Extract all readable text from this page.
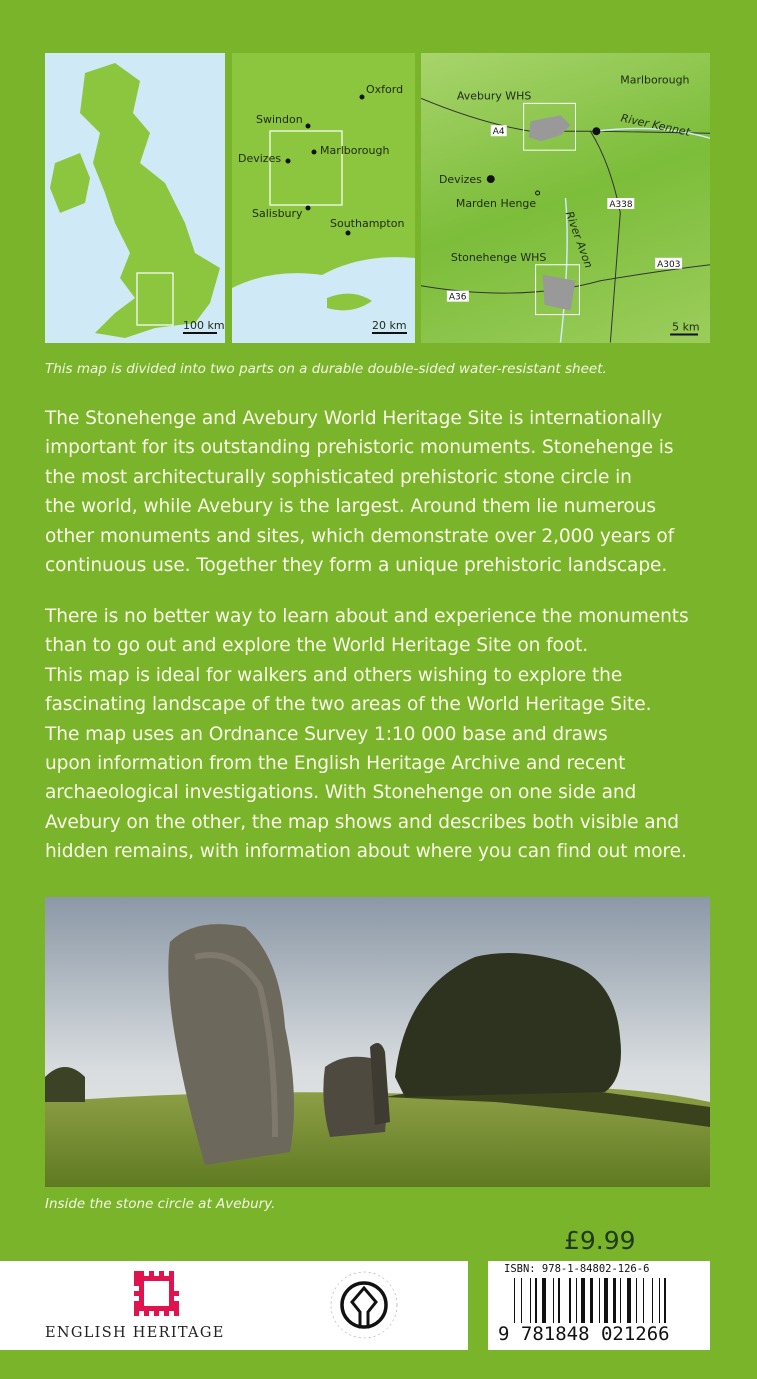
100 km
Oxford
Swindon
Devizes
Marlborough
Salisbury
Southampton
20 km
Marlborough
Avebury WHS
River Kennet
Devizes
Marden Henge
River Avon
Stonehenge WHS
A4
A338
A303
A36
5 km
This map is divided into two parts on a durable double-sided water-resistant sheet.
The Stonehenge and Avebury World Heritage Site is internationally
important for its outstanding prehistoric monuments. Stonehenge is
the most architecturally sophisticated prehistoric stone circle in
the world, while Avebury is the largest. Around them lie numerous
other monuments and sites, which demonstrate over 2,000 years of
continuous use. Together they form a unique prehistoric landscape.
There is no better way to learn about and experience the monuments
than to go out and explore the World Heritage Site on foot.
This map is ideal for walkers and others wishing to explore the
fascinating landscape of the two areas of the World Heritage Site.
The map uses an Ordnance Survey 1:10 000 base and draws
upon information from the English Heritage Archive and recent
archaeological investigations. With Stonehenge on one side and
Avebury on the other, the map shows and describes both visible and
hidden remains, with information about where you can find out more.
Inside the stone circle at Avebury.
£9.99
ENGLISH HERITAGE
ISBN: 978-1-84802-126-6
9 781848 021266
